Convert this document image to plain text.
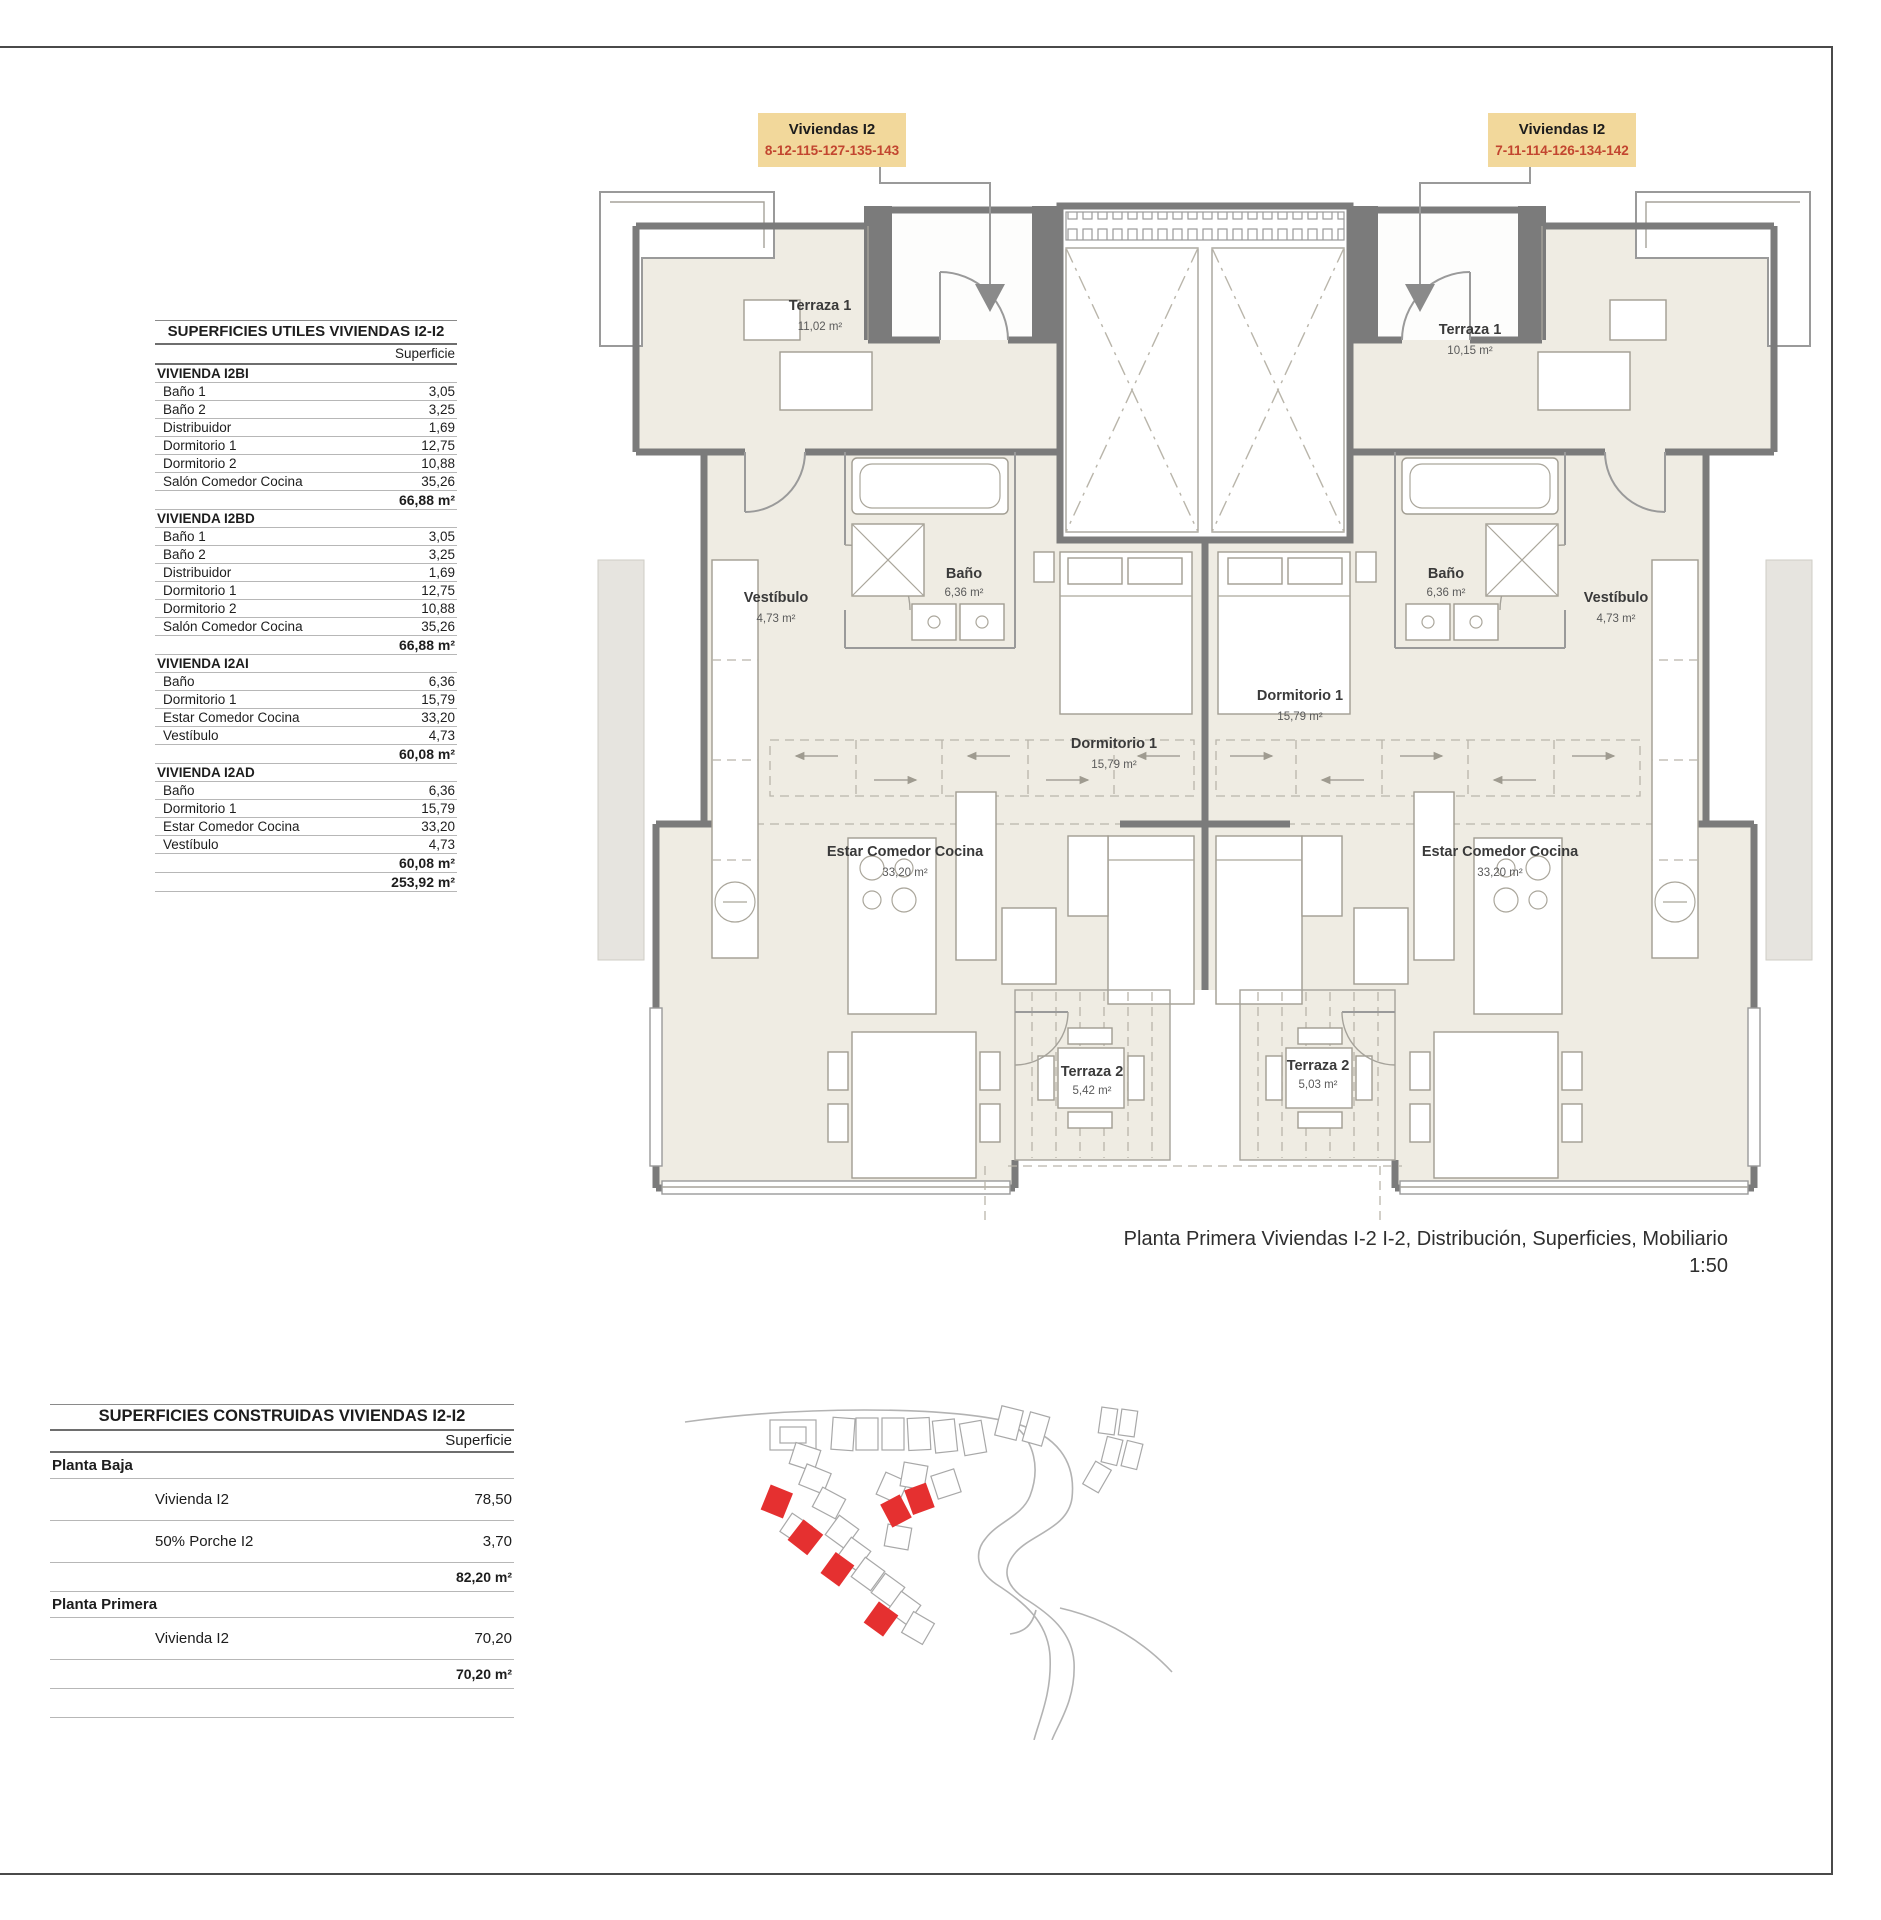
SUPERFICIES UTILES VIVIENDAS I2-I2
Superficie
VIVIENDA I2BI
Baño 1	3,05
Baño 2	3,25
Distribuidor	1,69
Dormitorio 1	12,75
Dormitorio 2	10,88
Salón Comedor Cocina	35,26
66,88 m²
VIVIENDA I2BD
Baño 1	3,05
Baño 2	3,25
Distribuidor	1,69
Dormitorio 1	12,75
Dormitorio 2	10,88
Salón Comedor Cocina	35,26
66,88 m²
VIVIENDA I2AI
Baño	6,36
Dormitorio 1	15,79
Estar Comedor Cocina	33,20
Vestíbulo	4,73
60,08 m²
VIVIENDA I2AD
Baño	6,36
Dormitorio 1	15,79
Estar Comedor Cocina	33,20
Vestíbulo	4,73
60,08 m²
253,92 m²
SUPERFICIES CONSTRUIDAS VIVIENDAS I2-I2
Superficie
Planta Baja
Vivienda I2	78,50
50% Porche I2	3,70
82,20 m²
Planta Primera
Vivienda I2	70,20
70,20 m²
Planta Primera Viviendas I-2 I-2, Distribución, Superficies, Mobiliario
1:50
Viviendas I2
8-12-115-127-135-143
Viviendas I2
7-11-114-126-134-142
Terraza 1
11,02 m²	Terraza 1
10,15 m²
Vestíbulo
4,73 m²
Vestíbulo
4,73 m²
Baño
6,36 m²
Baño
6,36 m²
Dormitorio 1
15,79 m²
Dormitorio 1
15,79 m²
Estar Comedor Cocina
33,20 m²
Estar Comedor Cocina
33,20 m²
Terraza 2
5,42 m²
Terraza 2
5,03 m²
